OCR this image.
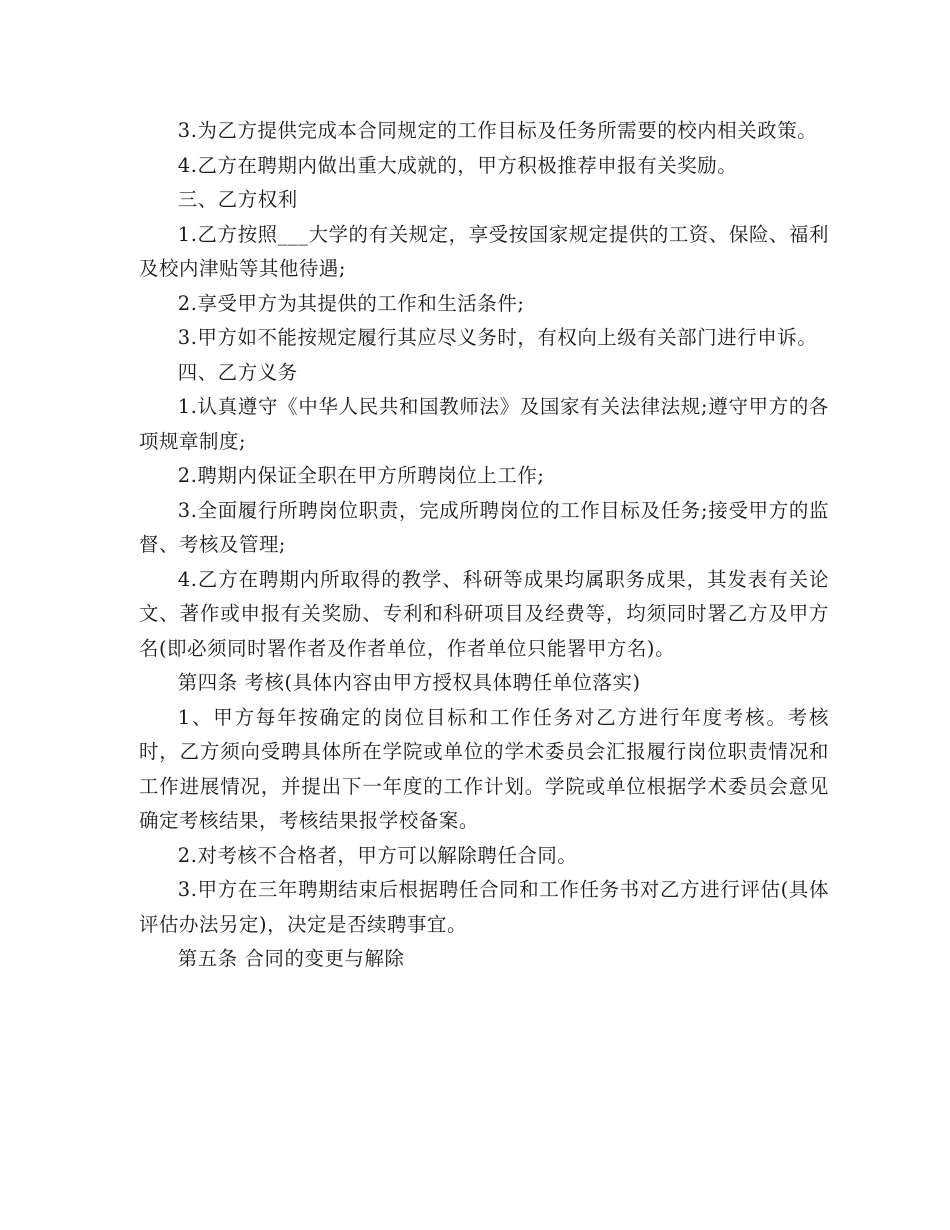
3.为乙方提供完成本合同规定的工作目标及任务所需要的校内相关政策。

4.乙方在聘期内做出重大成就的，甲方积极推荐申报有关奖励。

三、乙方权利

1.乙方按照___大学的有关规定，享受按国家规定提供的工资、保险、福利及校内津贴等其他待遇;

2.享受甲方为其提供的工作和生活条件;

3.甲方如不能按规定履行其应尽义务时，有权向上级有关部门进行申诉。

四、乙方义务

1.认真遵守《中华人民共和国教师法》及国家有关法律法规;遵守甲方的各项规章制度;

2.聘期内保证全职在甲方所聘岗位上工作;

3.全面履行所聘岗位职责，完成所聘岗位的工作目标及任务;接受甲方的监督、考核及管理;

4.乙方在聘期内所取得的教学、科研等成果均属职务成果，其发表有关论文、著作或申报有关奖励、专利和科研项目及经费等，均须同时署乙方及甲方名(即必须同时署作者及作者单位，作者单位只能署甲方名)。

第四条 考核(具体内容由甲方授权具体聘任单位落实)

1、甲方每年按确定的岗位目标和工作任务对乙方进行年度考核。考核时，乙方须向受聘具体所在学院或单位的学术委员会汇报履行岗位职责情况和工作进展情况，并提出下一年度的工作计划。学院或单位根据学术委员会意见确定考核结果，考核结果报学校备案。

2.对考核不合格者，甲方可以解除聘任合同。

3.甲方在三年聘期结束后根据聘任合同和工作任务书对乙方进行评估(具体评估办法另定)，决定是否续聘事宜。

第五条 合同的变更与解除
